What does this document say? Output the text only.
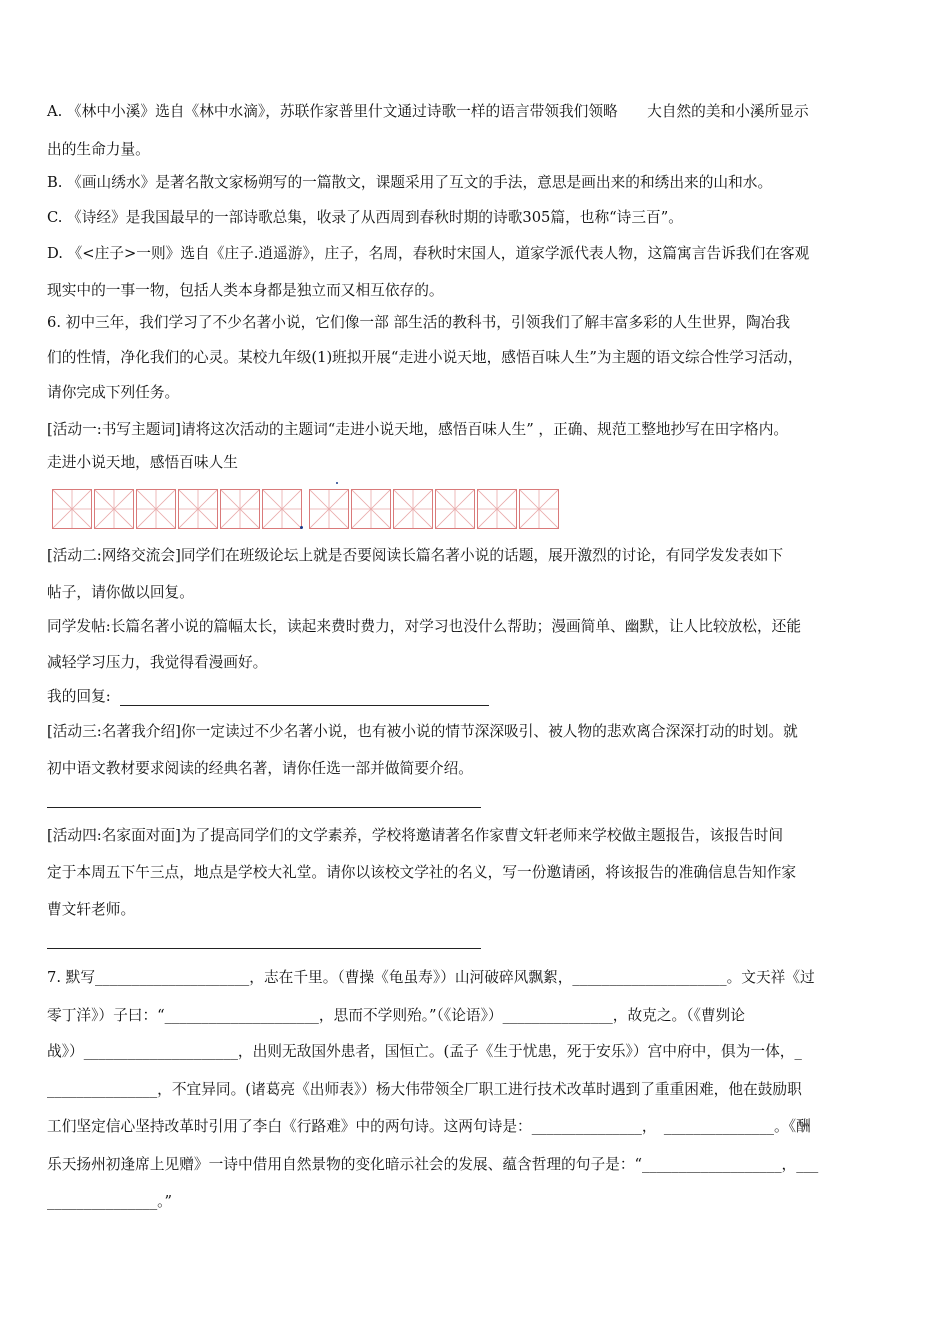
A. 《林中小溪》选自《林中水滴》，苏联作家普里什文通过诗歌一样的语言带领我们领略　　大自然的美和小溪所显示
出的生命力量。
B. 《画山绣水》是著名散文家杨朔写的一篇散文，课题采用了互文的手法，意思是画出来的和绣出来的山和水。
C. 《诗经》是我国最早的一部诗歌总集，收录了从西周到春秋时期的诗歌305篇，也称“诗三百”。
D. 《<庄子>一则》选自《庄子.逍遥游》，庄子，名周，春秋时宋国人，道家学派代表人物，这篇寓言告诉我们在客观
现实中的一事一物，包括人类本身都是独立而又相互依存的。
6. 初中三年，我们学习了不少名著小说，它们像一部 部生活的教科书，引领我们了解丰富多彩的人生世界，陶冶我
们的性情，净化我们的心灵。某校九年级(1)班拟开展“走进小说天地，感悟百味人生”为主题的语文综合性学习活动，
请你完成下列任务。
[活动一:书写主题词]请将这次活动的主题词“走进小说天地，感悟百味人生” ，正确、规范工整地抄写在田字格内。
走进小说天地，感悟百味人生
[活动二:网络交流会]同学们在班级论坛上就是否要阅读长篇名著小说的话题，展开激烈的讨论，有同学发发表如下
帖子，请你做以回复。
同学发帖:长篇名著小说的篇幅太长，读起来费时费力，对学习也没什么帮助；漫画简单、幽默，让人比较放松，还能
减轻学习压力，我觉得看漫画好。
我的回复:
[活动三:名著我介绍]你一定读过不少名著小说，也有被小说的情节深深吸引、被人物的悲欢离合深深打动的时划。就
初中语文教材要求阅读的经典名著，请你任选一部并做简要介绍。
[活动四:名家面对面]为了提高同学们的文学素养，学校将邀请著名作家曹文轩老师来学校做主题报告，该报告时间
定于本周五下午三点，地点是学校大礼堂。请你以该校文学社的名义，写一份邀请函，将该报告的准确信息告知作家
曹文轩老师。
7. 默写_____________________，志在千里。（曹操《龟虽寿》）山河破碎风飘絮，_____________________。文天祥《过
零丁洋》）子曰：“_____________________，思而不学则殆。”（《论语》）_______________，故克之。（《曹刿论
战》）_____________________，出则无敌国外患者，国恒亡。(孟子《生于忧患，死于安乐》）宫中府中，俱为一体，_
_______________，不宜异同。(诸葛亮《出师表》）杨大伟带领全厂职工进行技术改革时遇到了重重困难，他在鼓励职
工们坚定信心坚持改革时引用了李白《行路难》中的两句诗。这两句诗是：_______________，　_______________。《酬
乐天扬州初逢席上见赠》一诗中借用自然景物的变化暗示社会的发展、蕴含哲理的句子是：“___________________，___
_______________。”
